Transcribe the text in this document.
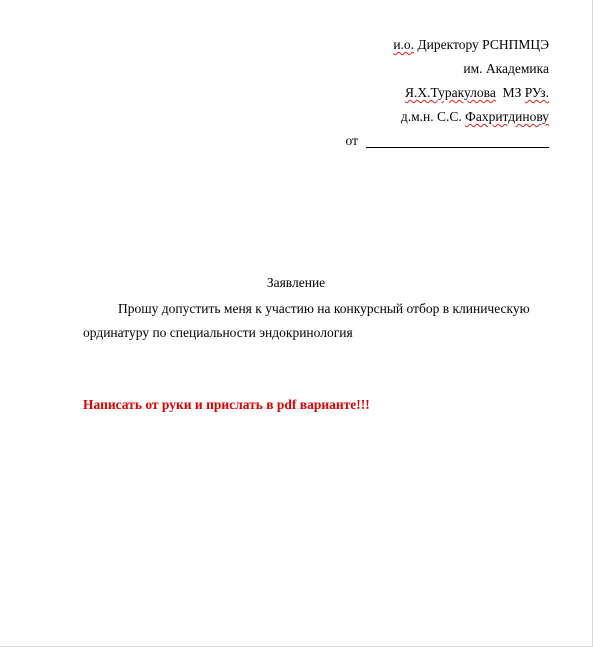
и.о. Директору РСНПМЦЭ
им. Академика
Я.Х.Туракулова  МЗ РУз.
д.м.н. С.С. Фахритдинову
от
Заявление
Прошу допустить меня к участию на конкурсный отбор в клиническую
ординатуру по специальности эндокринология
Написать от руки и прислать в pdf варианте!!!
